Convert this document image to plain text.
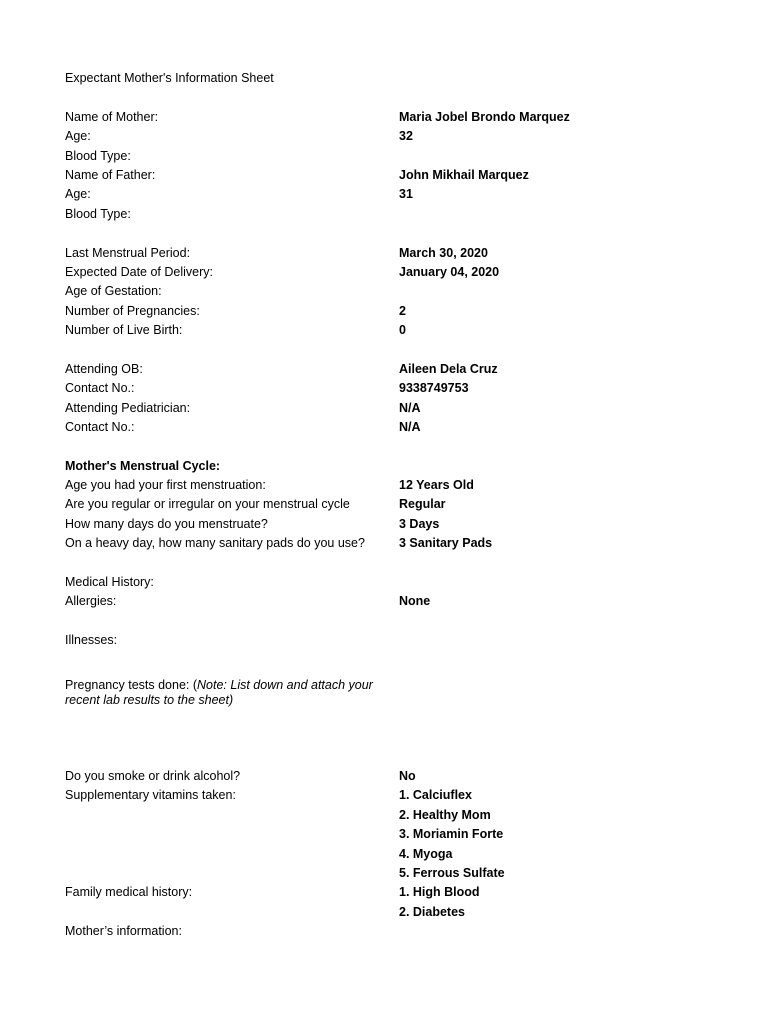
Expectant Mother's Information Sheet
Name of Mother:	Maria Jobel Brondo Marquez
Age:	32
Blood Type:
Name of Father:	John Mikhail Marquez
Age:	31
Blood Type:
Last Menstrual Period:	March 30, 2020
Expected Date of Delivery:	January 04, 2020
Age of Gestation:
Number of Pregnancies:	2
Number of Live Birth:	0
Attending OB:	Aileen Dela Cruz
Contact No.:	9338749753
Attending Pediatrician:	N/A
Contact No.:	N/A
Mother's Menstrual Cycle:
Age you had your first menstruation:	12 Years Old
Are you regular or irregular on your menstrual cycle	Regular
How many days do you menstruate?	3 Days
On a heavy day, how many sanitary pads do you use?	3 Sanitary Pads
Medical History:
Allergies:	None
Illnesses:
Pregnancy tests done: (Note: List down and attach your recent lab results to the sheet)
Do you smoke or drink alcohol?	No
Supplementary vitamins taken:	1. Calciuflex
2. Healthy Mom
3. Moriamin Forte
4. Myoga
5. Ferrous Sulfate
Family medical history:	1. High Blood
2. Diabetes
Mother’s information:
